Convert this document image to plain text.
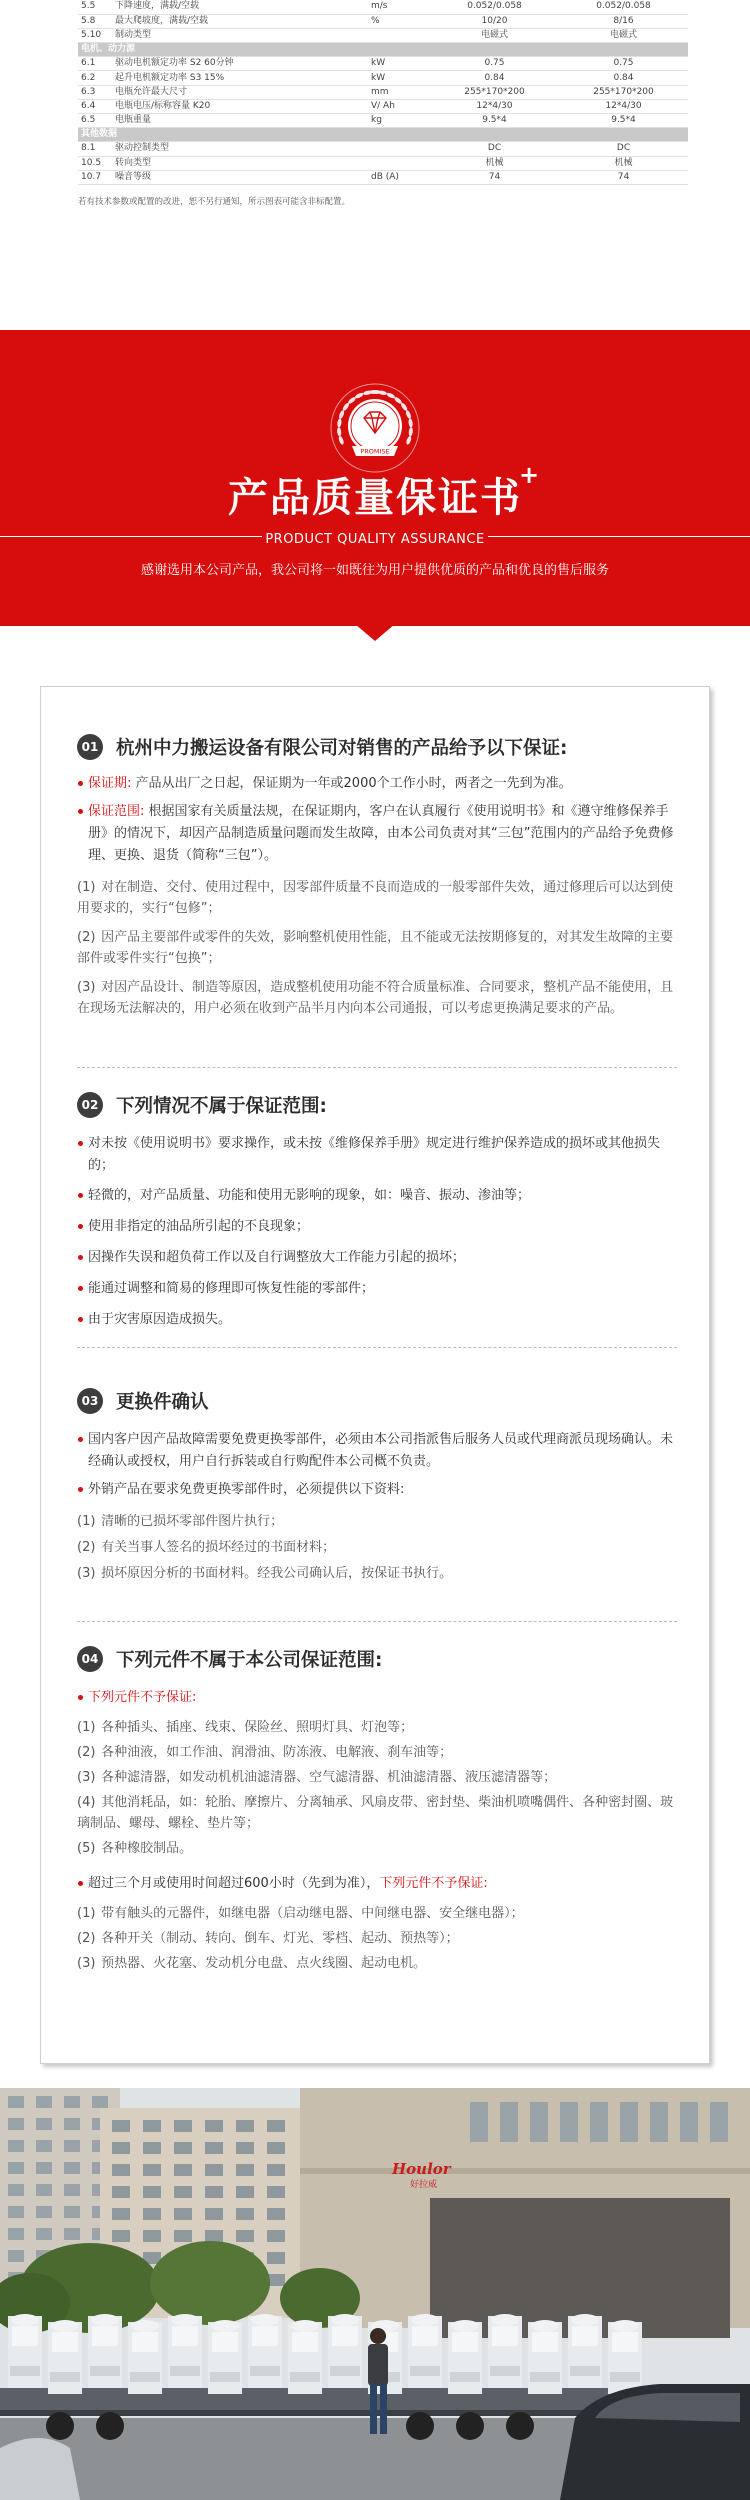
5.5	下降速度，满载/空载	m/s	0.052/0.058	0.052/0.058
5.8	最大爬坡度，满载/空载	%	10/20	8/16
5.10	制动类型		电磁式	电磁式
电机、动力源				
6.1	驱动电机额定功率 S2 60分钟	kW	0.75	0.75
6.2	起升电机额定功率 S3 15%	kW	0.84	0.84
6.3	电瓶允许最大尺寸	mm	255*170*200	255*170*200
6.4	电瓶电压/标称容量 K20	V/ Ah	12*4/30	12*4/30
6.5	电瓶重量	kg	9.5*4	9.5*4
其他数据				
8.1	驱动控制类型		DC	DC
10.5	转向类型		机械	机械
10.7	噪音等级	dB (A)	74	74
若有技术参数或配置的改进，恕不另行通知，所示图表可能含非标配置。
PROMISE
产品质量保证书
+
PRODUCT QUALITY ASSURANCE
感谢选用本公司产品，我公司将一如既往为用户提供优质的产品和优良的售后服务
01 杭州中力搬运设备有限公司对销售的产品给予以下保证:
保证期: 产品从出厂之日起，保证期为一年或2000个工作小时，两者之一先到为准。
保证范围: 根据国家有关质量法规，在保证期内，客户在认真履行《使用说明书》和《遵守维修保养手册》的情况下，却因产品制造质量问题而发生故障，由本公司负责对其“三包”范围内的产品给予免费修理、更换、退货（简称“三包”）。
(1) 对在制造、交付、使用过程中，因零部件质量不良而造成的一般零部件失效，通过修理后可以达到使用要求的，实行“包修”；
(2) 因产品主要部件或零件的失效，影响整机使用性能，且不能或无法按期修复的，对其发生故障的主要部件或零件实行“包换”；
(3) 对因产品设计、制造等原因，造成整机使用功能不符合质量标准、合同要求，整机产品不能使用，且在现场无法解决的，用户必须在收到产品半月内向本公司通报，可以考虑更换满足要求的产品。
02 下列情况不属于保证范围:
对未按《使用说明书》要求操作，或未按《维修保养手册》规定进行维护保养造成的损坏或其他损失的；
轻微的，对产品质量、功能和使用无影响的现象，如：噪音、振动、渗油等；
使用非指定的油品所引起的不良现象；
因操作失误和超负荷工作以及自行调整放大工作能力引起的损坏；
能通过调整和简易的修理即可恢复性能的零部件；
由于灾害原因造成损失。
03 更换件确认
国内客户因产品故障需要免费更换零部件，必须由本公司指派售后服务人员或代理商派员现场确认。未经确认或授权，用户自行拆装或自行购配件本公司概不负责。
外销产品在要求免费更换零部件时，必须提供以下资料:
(1) 清晰的已损坏零部件图片执行；
(2) 有关当事人签名的损坏经过的书面材料；
(3) 损坏原因分析的书面材料。经我公司确认后，按保证书执行。
04 下列元件不属于本公司保证范围:
下列元件不予保证:
(1) 各种插头、插座、线束、保险丝、照明灯具、灯泡等；
(2) 各种油液，如工作油、润滑油、防冻液、电解液、刹车油等；
(3) 各种滤清器，如发动机机油滤清器、空气滤清器、机油滤清器、液压滤清器等；
(4) 其他消耗品，如：轮胎、摩擦片、分离轴承、风扇皮带、密封垫、柴油机喷嘴偶件、各种密封圈、玻璃制品、螺母、螺栓、垫片等；
(5) 各种橡胶制品。
超过三个月或使用时间超过600小时（先到为准），下列元件不予保证:
(1) 带有触头的元器件，如继电器（启动继电器、中间继电器、安全继电器）；
(2) 各种开关（制动、转向、倒车、灯光、零档、起动、预热等）；
(3) 预热器、火花塞、发动机分电盘、点火线圈、起动电机。
Houlor
好拉威
